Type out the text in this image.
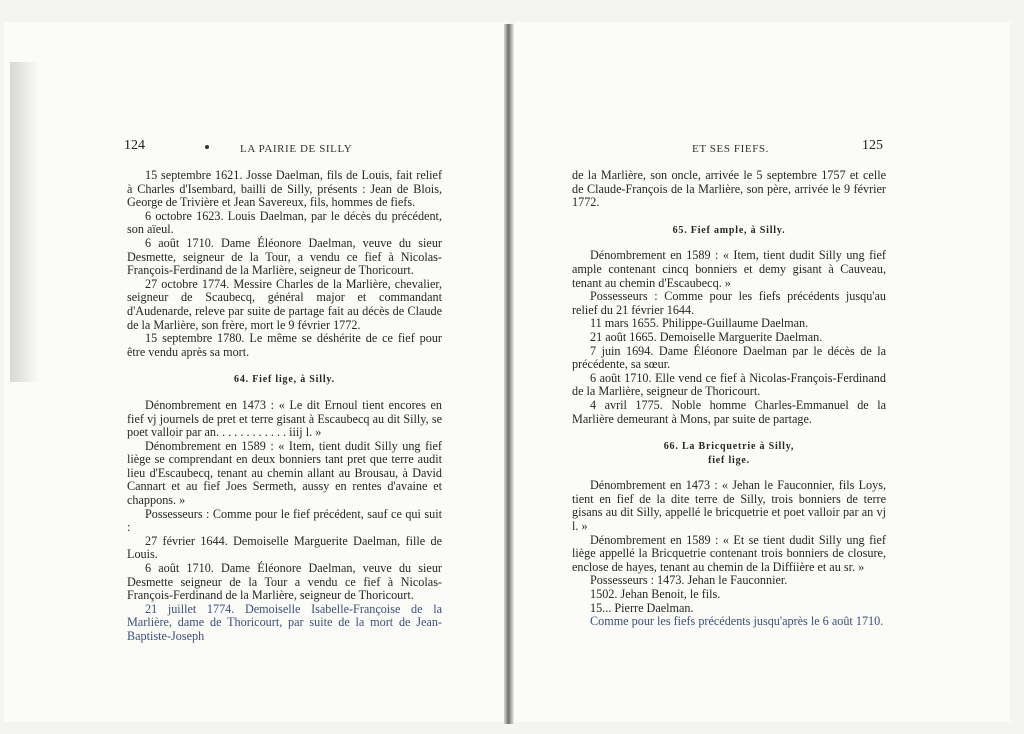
124	LA PAIRIE DE SILLY

15 septembre 1621. Josse Daelman, fils de Louis, fait relief à Charles d'Isembard, bailli de Silly, présents : Jean de Blois, George de Trivière et Jean Savereux, fils, hommes de fiefs.

6 octobre 1623. Louis Daelman, par le décès du précédent, son aïeul.

6 août 1710. Dame Éléonore Daelman, veuve du sieur Desmette, seigneur de la Tour, a vendu ce fief à Nicolas-François-Ferdinand de la Marlière, seigneur de Thoricourt.

27 octobre 1774. Messire Charles de la Marlière, chevalier, seigneur de Scaubecq, général major et commandant d'Audenarde, releve par suite de partage fait au décès de Claude de la Marlière, son frère, mort le 9 février 1772.

15 septembre 1780. Le même se déshérite de ce fief pour être vendu après sa mort.

64. Fief lige, à Silly.

Dénombrement en 1473 : « Le dit Ernoul tient encores en fief vj journels de pret et terre gisant à Escaubecq au dit Silly, se poet valloir par an. . . . . . . . . . . . iiij l. »

Dénombrement en 1589 : « Item, tient dudit Silly ung fief liège se comprendant en deux bonniers tant pret que terre audit lieu d'Escaubecq, tenant au chemin allant au Brousau, à David Cannart et au fief Joes Sermeth, aussy en rentes d'avaine et chappons. »

Possesseurs : Comme pour le fief précédent, sauf ce qui suit :

27 février 1644. Demoiselle Marguerite Daelman, fille de Louis.

6 août 1710. Dame Éléonore Daelman, veuve du sieur Desmette seigneur de la Tour a vendu ce fief à Nicolas-François-Ferdinand de la Marlière, seigneur de Thoricourt.

21 juillet 1774. Demoiselle Isabelle-Françoise de la Marlière, dame de Thoricourt, par suite de la mort de Jean-Baptiste-Joseph

ET SES FIEFS.	125

de la Marlière, son oncle, arrivée le 5 septembre 1757 et celle de Claude-François de la Marlière, son père, arrivée le 9 février 1772.

65. Fief ample, à Silly.

Dénombrement en 1589 : « Item, tient dudit Silly ung fief ample contenant cincq bonniers et demy gisant à Cauveau, tenant au chemin d'Escaubecq. »

Possesseurs : Comme pour les fiefs précédents jusqu'au relief du 21 février 1644.

11 mars 1655. Philippe-Guillaume Daelman.

21 août 1665. Demoiselle Marguerite Daelman.

7 juin 1694. Dame Éléonore Daelman par le décès de la précédente, sa sœur.

6 août 1710. Elle vend ce fief à Nicolas-François-Ferdinand de la Marlière, seigneur de Thoricourt.

4 avril 1775. Noble homme Charles-Emmanuel de la Marlière demeurant à Mons, par suite de partage.

66. La Bricquetrie à Silly,

fief lige.

Dénombrement en 1473 : « Jehan le Fauconnier, fils Loys, tient en fief de la dite terre de Silly, trois bonniers de terre gisans au dit Silly, appellé le bricquetrie et poet valloir par an vj l. »

Dénombrement en 1589 : « Et se tient dudit Silly ung fief liège appellé la Bricquetrie contenant trois bonniers de closure, enclose de hayes, tenant au chemin de la Diffiière et au sr. »

Possesseurs : 1473. Jehan le Fauconnier.

1502. Jehan Benoit, le fils.

15... Pierre Daelman.

Comme pour les fiefs précédents jusqu'après le 6 août 1710.
